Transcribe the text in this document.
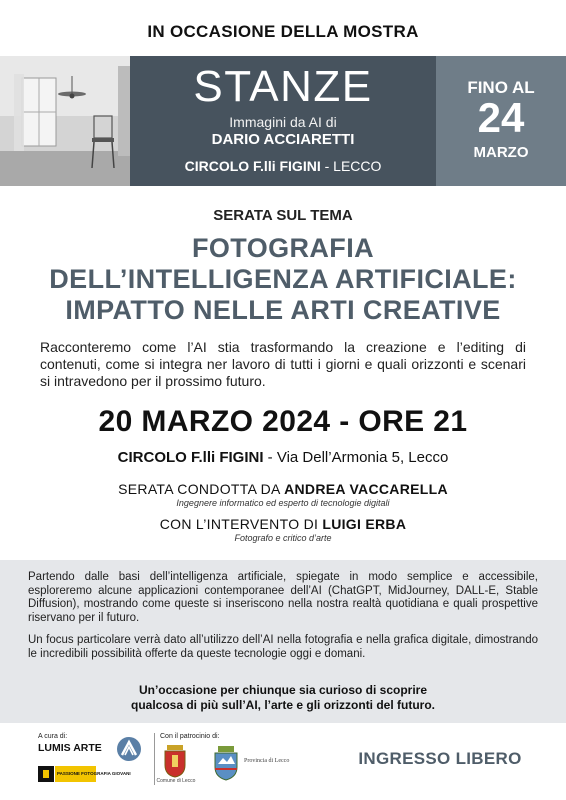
IN OCCASIONE DELLA MOSTRA
STANZE
Immagini da AI di
DARIO ACCIARETTI
CIRCOLO F.lli FIGINI - LECCO
FINO AL
24
MARZO
SERATA SUL TEMA
FOTOGRAFIA
DELL’INTELLIGENZA ARTIFICIALE:
IMPATTO NELLE ARTI CREATIVE
Racconteremo come l’AI stia trasformando la creazione e l’editing di contenuti, come si integra ner lavoro di tutti i giorni e quali orizzonti e scenari si intravedono per il prossimo futuro.
20 MARZO 2024 - ORE 21
CIRCOLO F.lli FIGINI - Via Dell’Armonia 5, Lecco
SERATA CONDOTTA DA ANDREA VACCARELLA
Ingegnere informatico ed esperto di tecnologie digitali
CON L’INTERVENTO DI LUIGI ERBA
Fotografo e critico d’arte
Partendo dalle basi dell’intelligenza artificiale, spiegate in modo semplice e accessibile, esploreremo alcune applicazioni contemporanee dell’AI (ChatGPT, MidJourney, DALL-E, Stable Diffusion), mostrando come queste si inseriscono nella nostra realtà quotidiana e quali prospettive riservano per il futuro.
Un focus particolare verrà dato all’utilizzo dell’AI nella fotografia e nella grafica digitale, dimostrando le incredibili possibilità offerte da queste tecnologie oggi e domani.
Un’occasione per chiunque sia curioso di scoprire
qualcosa di più sull’AI, l’arte e gli orizzonti del futuro.
A cura di:
LUMIS ARTE
PASSIONE FOTOGRAFIA GIOVANI
Con il patrocinio di:
Comune di Lecco
Provincia di Lecco	INGRESSO LIBERO
